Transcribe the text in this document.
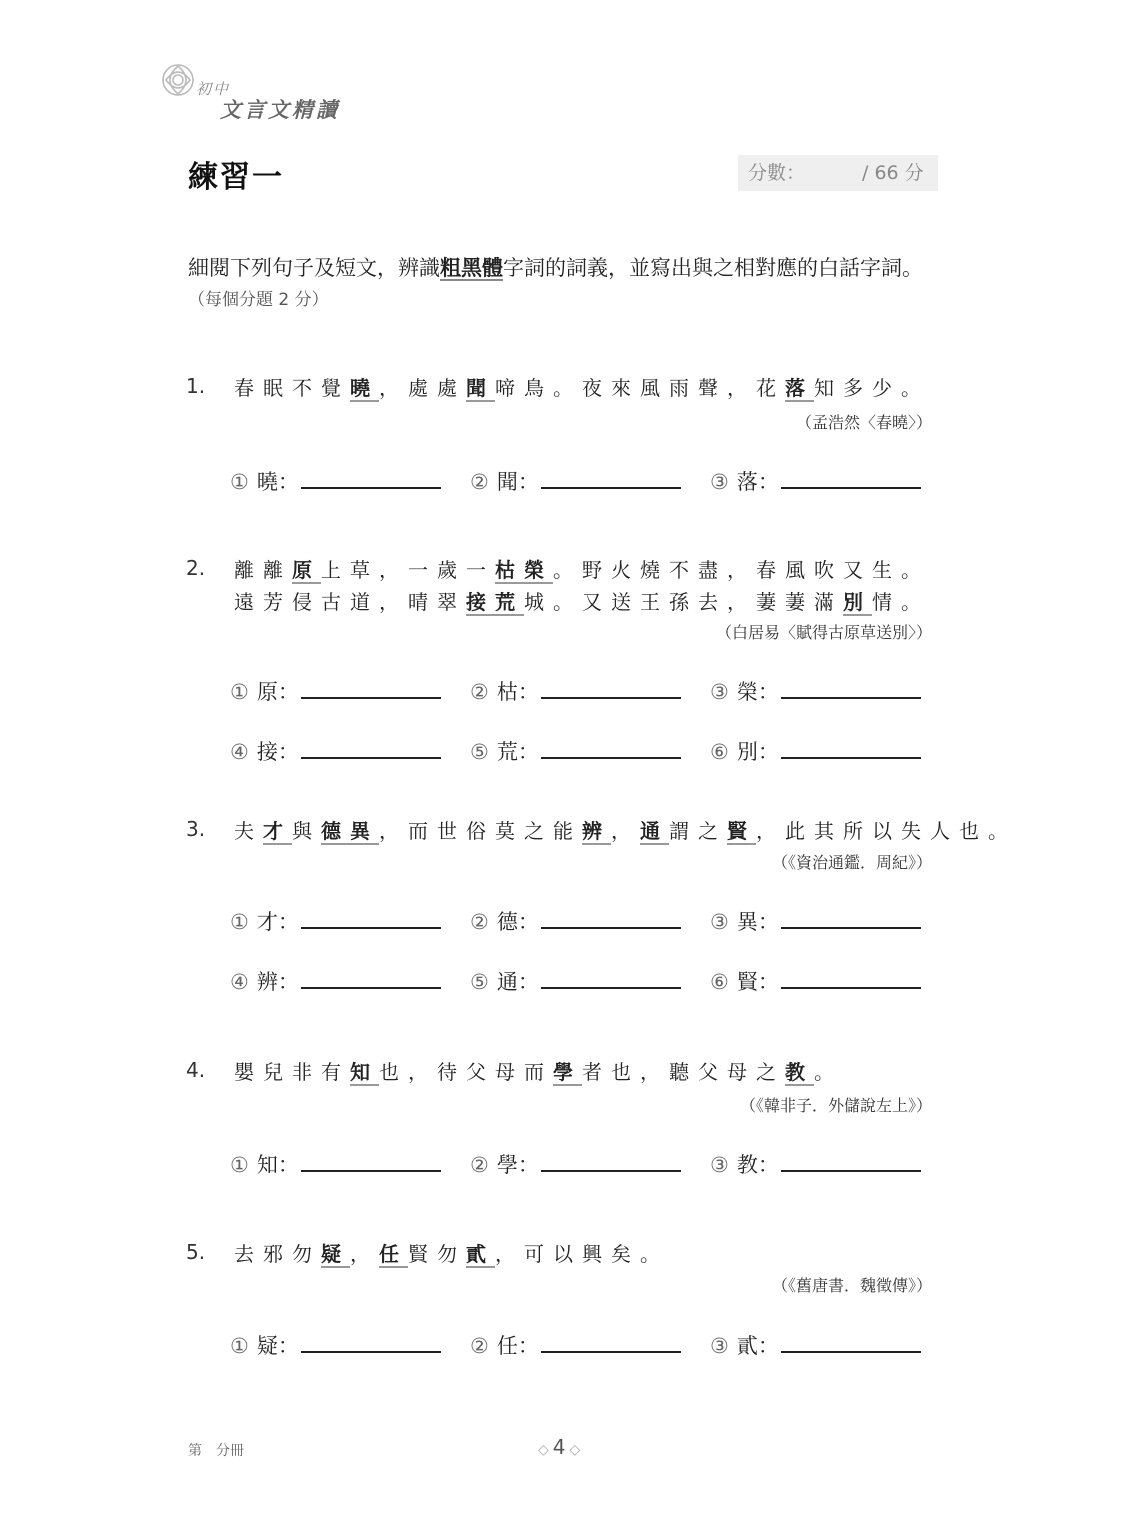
初中
文言文精讀
練習一	分數：	/ 66 分
細閱下列句子及短文，辨識粗黑體字詞的詞義，並寫出與之相對應的白話字詞。（每個分題 2 分）
1. 春眠不覺曉，處處聞啼鳥。夜來風雨聲，花落知多少。
（孟浩然〈春曉〉）
① 曉：	② 聞：	③ 落：
2. 離離原上草，一歲一枯榮。野火燒不盡，春風吹又生。
遠芳侵古道，晴翠接荒城。又送王孫去，萋萋滿別情。
（白居易〈賦得古原草送別〉）
① 原：	② 枯：	③ 榮：
④ 接：	⑤ 荒：	⑥ 別：
3. 夫才與德異，而世俗莫之能辨，通謂之賢，此其所以失人也。
（《資治通鑑．周紀》）
① 才：	② 德：	③ 異：
④ 辨：	⑤ 通：	⑥ 賢：
4. 嬰兒非有知也，待父母而學者也，聽父母之教。
（《韓非子．外儲說左上》）
① 知：	② 學：	③ 教：
5. 去邪勿疑，任賢勿貳，可以興矣。
（《舊唐書．魏徵傳》）
① 疑：	② 任：	③ 貳：
第　分冊	◇ 4 ◇
